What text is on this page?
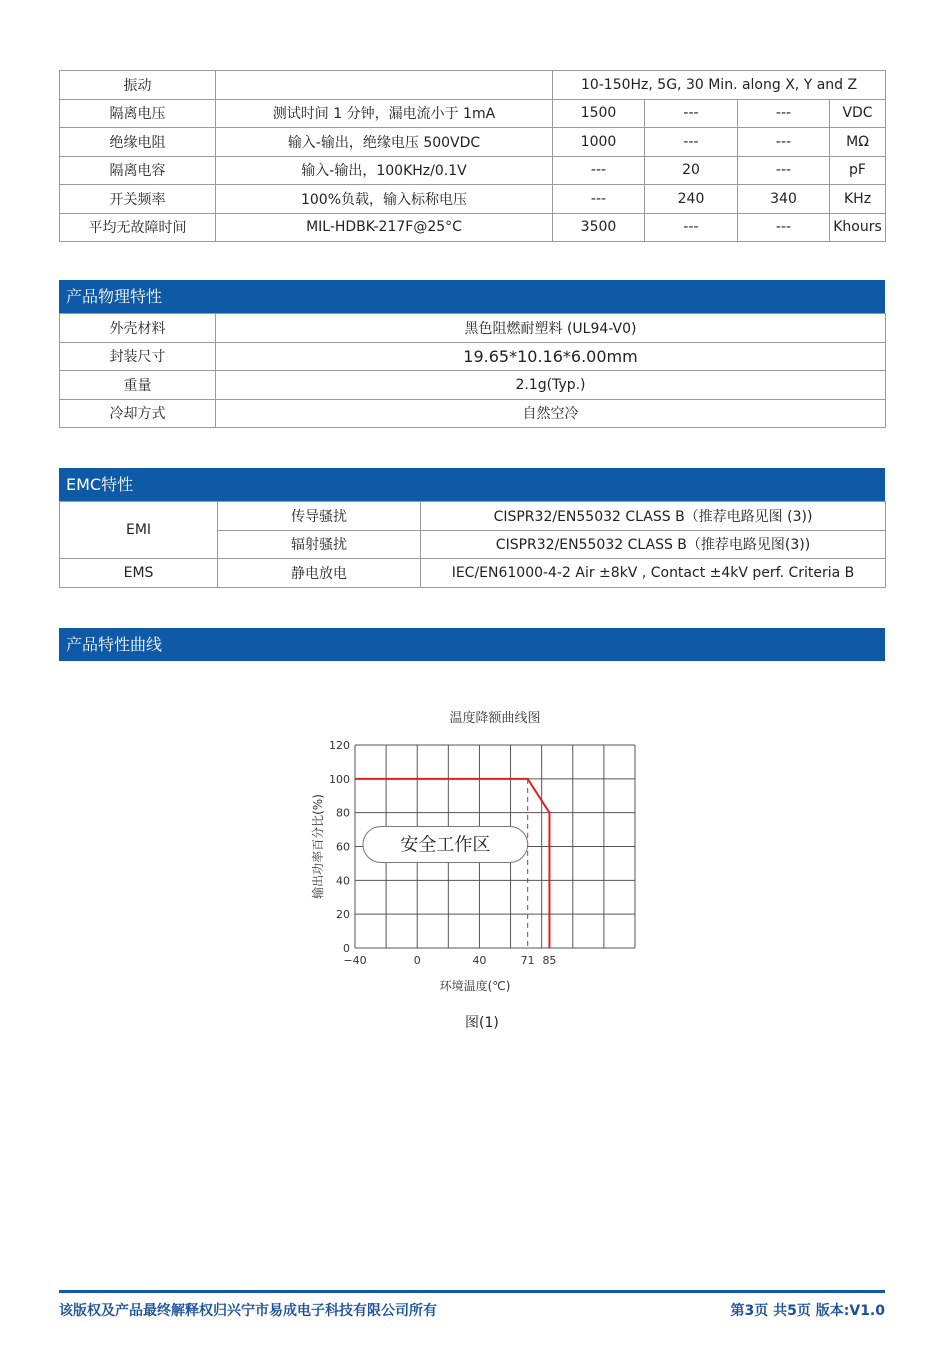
振动		10-150Hz, 5G, 30 Min. along X, Y and Z			
隔离电压	测试时间 1 分钟，漏电流小于 1mA	1500	---	---	VDC
绝缘电阻	输入-输出，绝缘电压 500VDC	1000	---	---	MΩ
隔离电容	输入-输出，100KHz/0.1V	---	20	---	pF
开关频率	100%负载，输入标称电压	---	240	340	KHz
平均无故障时间	MIL-HDBK-217F@25°C	3500	---	---	Khours
产品物理特性
外壳材料	黑色阻燃耐塑料 (UL94-V0)
封装尺寸	19.65*10.16*6.00mm
重量	2.1g(Typ.)
冷却方式	自然空冷
EMC特性
EMI	传导骚扰	CISPR32/EN55032 CLASS B（推荐电路见图 (3))
	辐射骚扰	CISPR32/EN55032 CLASS B（推荐电路见图(3))
EMS	静电放电	IEC/EN61000-4-2 Air ±8kV , Contact ±4kV perf. Criteria B
产品特性曲线
温度降额曲线图
0
20
40
60
80
100
120
−40	0	40	71 85
环境温度(℃)
输出功率百分比(%)	安全工作区
图(1)
该版权及产品最终解释权归兴宁市易成电子科技有限公司所有	第3页 共5页 版本:V1.0
